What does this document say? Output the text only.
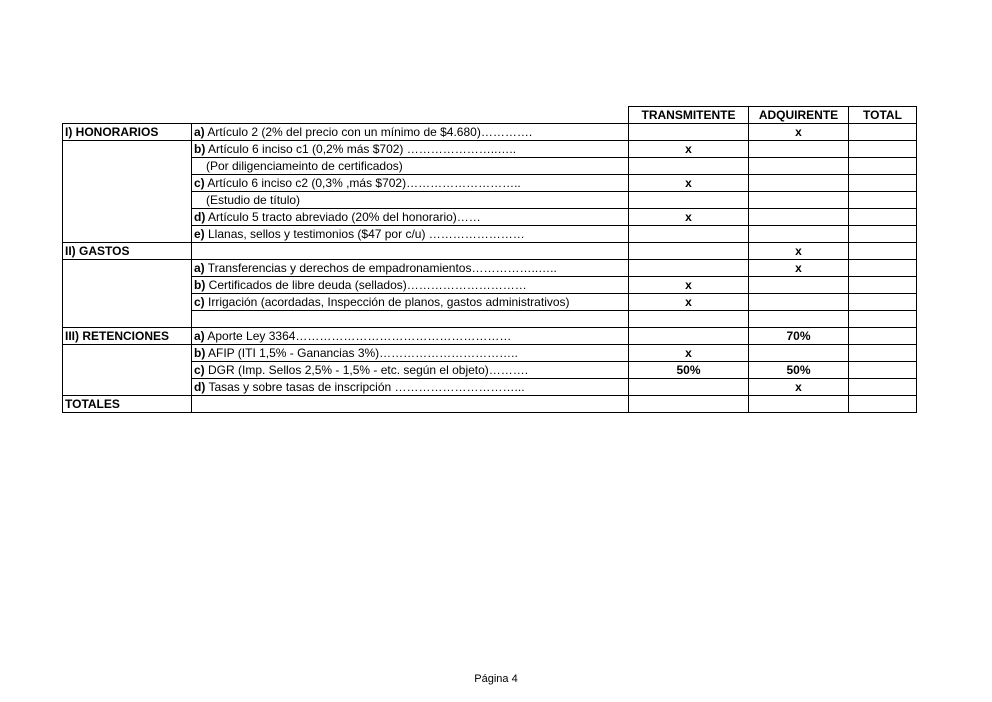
		TRANSMITENTE	ADQUIRENTE	TOTAL
I) HONORARIOS	a) Artículo 2 (2% del precio con un mínimo de $4.680)………….		x	
	b) Artículo 6 inciso c1 (0,2% más $702) …………………..…..	x		
	(Por diligenciameinto de certificados)			
	c) Artículo 6 inciso c2 (0,3% ,más $702)………………………..	x		
	(Estudio de título)			
	d) Artículo 5 tracto abreviado (20% del honorario)……	x		
	e) Llanas, sellos y testimonios ($47 por c/u) ……………………			
II) GASTOS			x	
	a) Transferencias y derechos de empadronamientos……………..…..		x	
	b) Certificados de libre deuda (sellados)…………………………	x		
	c) Irrigación (acordadas, Inspección de planos, gastos administrativos)	x		

III) RETENCIONES	a) Aporte Ley 3364………………………………………………		70%	
	b) AFIP (ITI 1,5% - Ganancias 3%)……………………………..	x		
	c) DGR (Imp. Sellos 2,5% - 1,5% - etc. según el objeto)……….	50%	50%	
	d) Tasas y sobre tasas de inscripción …………………………...		x	
TOTALES				
Página 4
